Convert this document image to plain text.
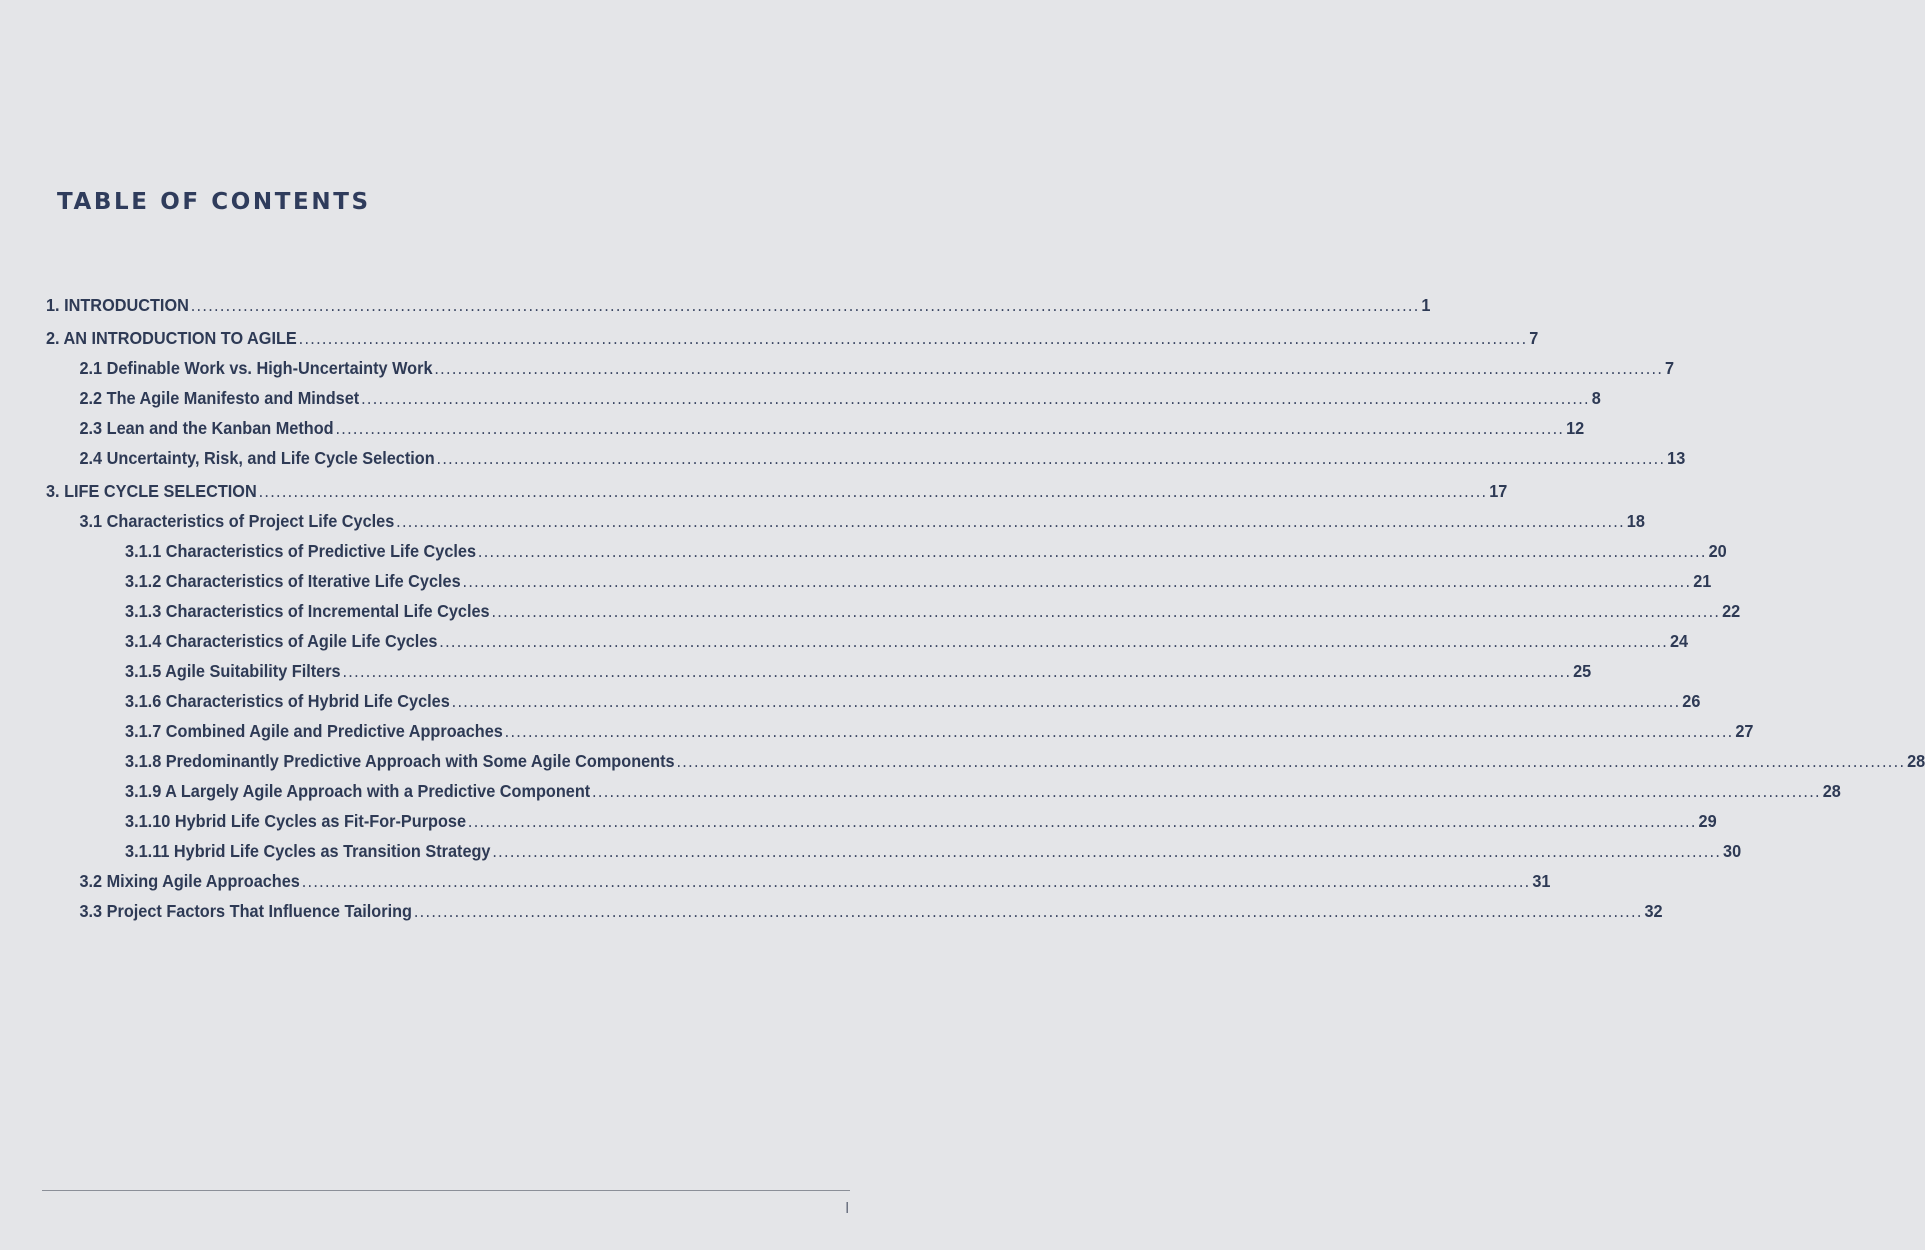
TABLE OF CONTENTS
1. INTRODUCTION ................................................................................................................................................................................................................... 1
2. AN INTRODUCTION TO AGILE ................................................................................................................................................................................................................... 7
2.1 Definable Work vs. High-Uncertainty Work ................................................................................................................................................................................................................... 7
2.2 The Agile Manifesto and Mindset ................................................................................................................................................................................................................... 8
2.3 Lean and the Kanban Method ................................................................................................................................................................................................................... 12
2.4 Uncertainty, Risk, and Life Cycle Selection ................................................................................................................................................................................................................... 13
3. LIFE CYCLE SELECTION ................................................................................................................................................................................................................... 17
3.1 Characteristics of Project Life Cycles ................................................................................................................................................................................................................... 18
3.1.1 Characteristics of Predictive Life Cycles ................................................................................................................................................................................................................... 20
3.1.2 Characteristics of Iterative Life Cycles ................................................................................................................................................................................................................... 21
3.1.3 Characteristics of Incremental Life Cycles ................................................................................................................................................................................................................... 22
3.1.4 Characteristics of Agile Life Cycles ................................................................................................................................................................................................................... 24
3.1.5 Agile Suitability Filters ................................................................................................................................................................................................................... 25
3.1.6 Characteristics of Hybrid Life Cycles ................................................................................................................................................................................................................... 26
3.1.7 Combined Agile and Predictive Approaches ................................................................................................................................................................................................................... 27
3.1.8 Predominantly Predictive Approach with Some Agile Components ................................................................................................................................................................................................................... 28
3.1.9 A Largely Agile Approach with a Predictive Component ................................................................................................................................................................................................................... 28
3.1.10 Hybrid Life Cycles as Fit-For-Purpose ................................................................................................................................................................................................................... 29
3.1.11 Hybrid Life Cycles as Transition Strategy ................................................................................................................................................................................................................... 30
3.2 Mixing Agile Approaches ................................................................................................................................................................................................................... 31
3.3 Project Factors That Influence Tailoring ................................................................................................................................................................................................................... 32
I
